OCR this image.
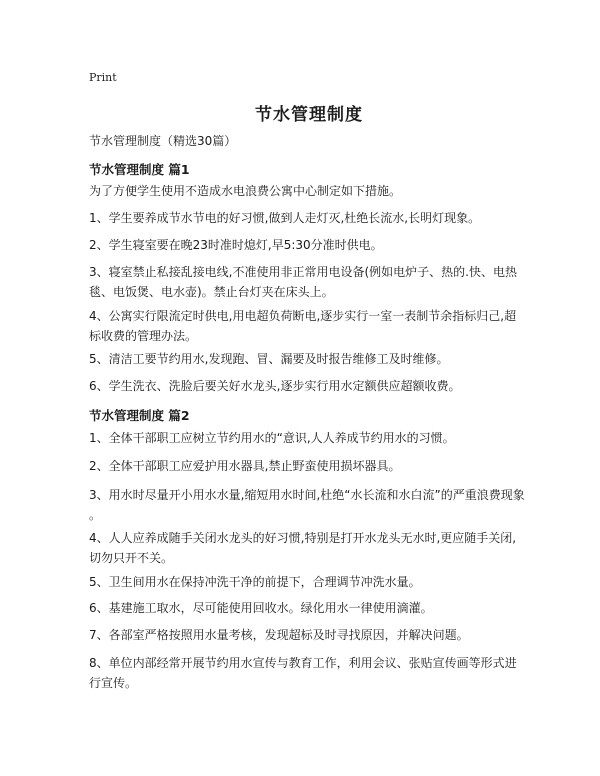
Print
节水管理制度
节水管理制度（精选30篇）
节水管理制度 篇1
为了方便学生使用不造成水电浪费公寓中心制定如下措施。
1、学生要养成节水节电的好习惯,做到人走灯灭,杜绝长流水,长明灯现象。
2、学生寝室要在晚23时准时熄灯,早5:30分准时供电。
3、寝室禁止私接乱接电线,不准使用非正常用电设备(例如电炉子、热的.快、电热
毯、电饭煲、电水壶)。禁止台灯夹在床头上。
4、公寓实行限流定时供电,用电超负荷断电,逐步实行一室一表制节余指标归己,超
标收费的管理办法。
5、清洁工要节约用水,发现跑、冒、漏要及时报告维修工及时维修。
6、学生洗衣、洗脸后要关好水龙头,逐步实行用水定额供应超额收费。
节水管理制度 篇2
1、全体干部职工应树立节约用水的“意识,人人养成节约用水的习惯。
2、全体干部职工应爱护用水器具,禁止野蛮使用损坏器具。
3、用水时尽量开小用水水量,缩短用水时间,杜绝“水长流和水白流”的严重浪费现象
。
4、人人应养成随手关闭水龙头的好习惯,特别是打开水龙头无水时,更应随手关闭,
切勿只开不关。
5、卫生间用水在保持冲洗干净的前提下，合理调节冲洗水量。
6、基建施工取水，尽可能使用回收水。绿化用水一律使用滴灌。
7、各部室严格按照用水量考核，发现超标及时寻找原因，并解决问题。
8、单位内部经常开展节约用水宣传与教育工作，利用会议、张贴宣传画等形式进
行宣传。
